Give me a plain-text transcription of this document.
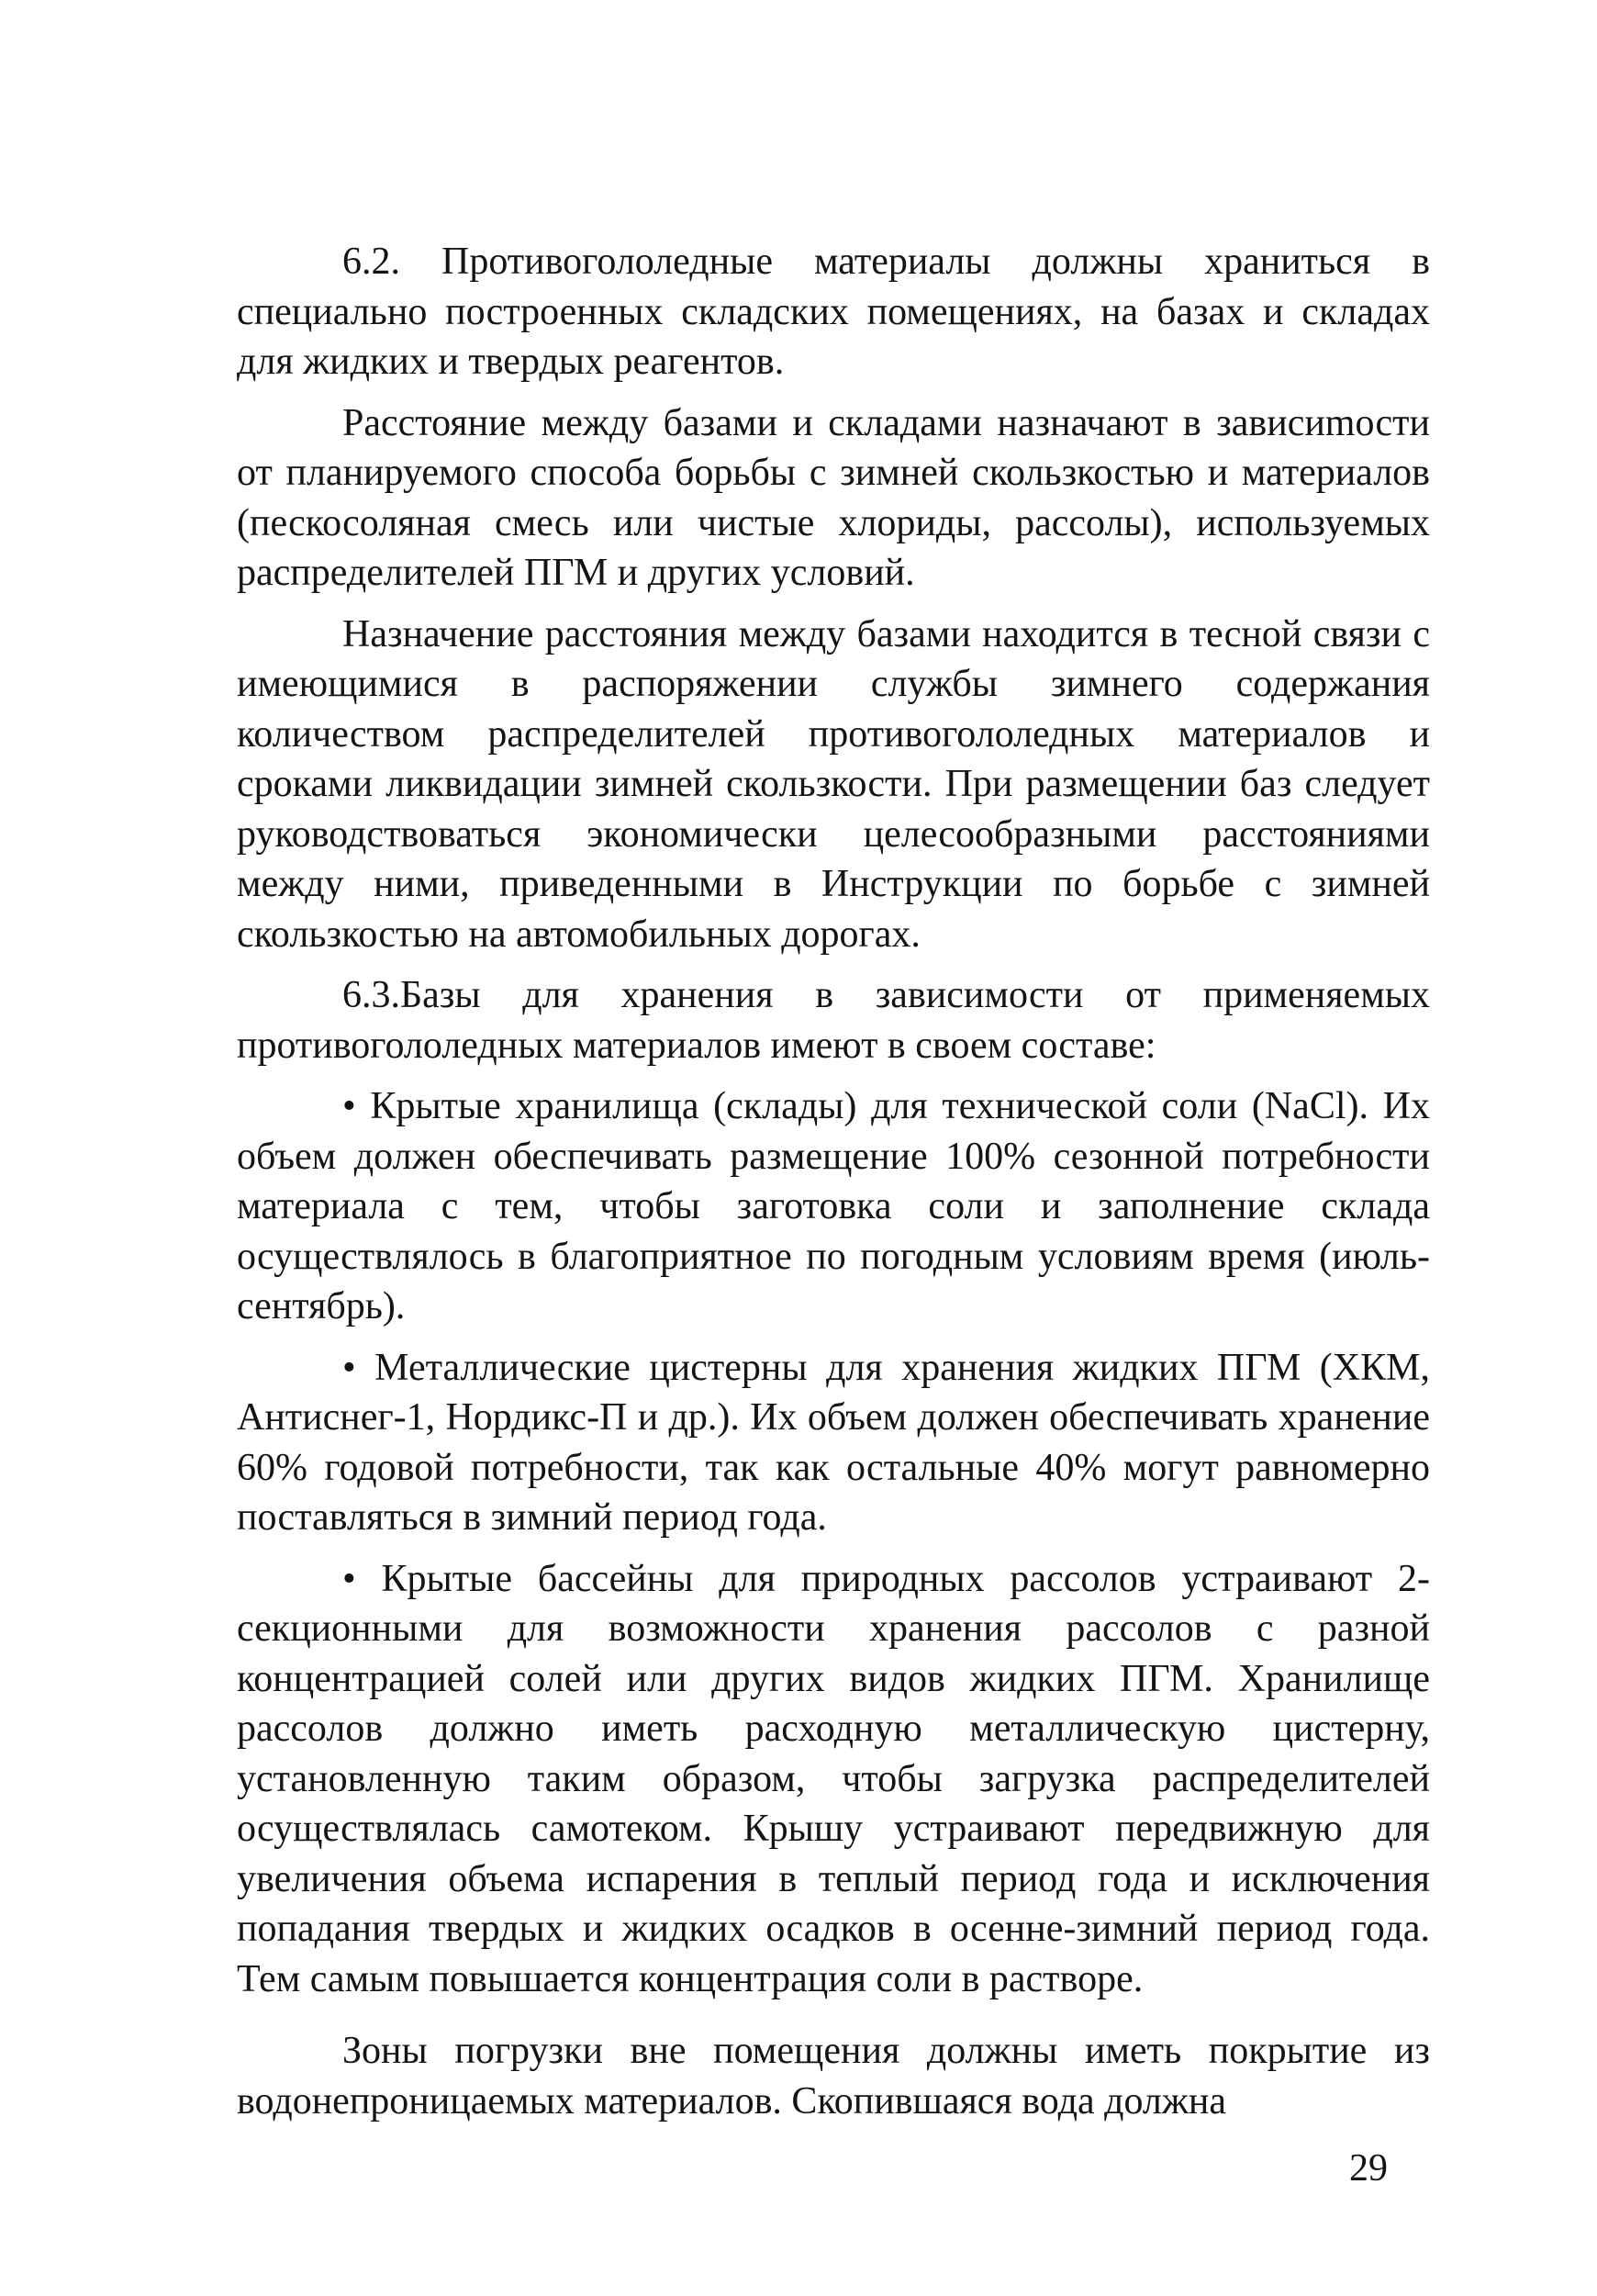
6.2. Противогололедные материалы должны храниться в специально построенных складских помещениях, на базах и складах для жидких и твердых реагентов.

Расстояние между базами и складами назначают в зависиmости от планируемого способа борьбы с зимней скользкостью и материалов (пескосоляная смесь или чистые хлориды, рассолы), используемых распределителей ПГМ и других условий.

Назначение расстояния между базами находится в тесной связи с имеющимися в распоряжении службы зимнего содержания количеством распределителей противогололедных материалов и сроками ликвидации зимней скользкости. При размещении баз следует руководствоваться экономически целесообразными расстояниями между ними, приведенными в Инструкции по борьбе с зимней скользкостью на автомобильных дорогах.

6.3.Базы для хранения в зависимости от применяемых противогололедных материалов имеют в своем составе:

• Крытые хранилища (склады) для технической соли (NaCl). Их объем должен обеспечивать размещение 100% сезонной потребности материала с тем, чтобы заготовка соли и заполнение склада осуществлялось в благоприятное по погодным условиям время (июль-сентябрь).

• Металлические цистерны для хранения жидких ПГМ (ХКМ, Антиснег-1, Нордикс-П и др.). Их объем должен обеспечивать хранение 60% годовой потребности, так как остальные 40% могут равномерно поставляться в зимний период года.

• Крытые бассейны для природных рассолов устраивают 2-секционными для возможности хранения рассолов с разной концентрацией солей или других видов жидких ПГМ. Хранилище рассолов должно иметь расходную металлическую цистерну, установленную таким образом, чтобы загрузка распределителей осуществлялась самотеком. Крышу устраивают передвижную для увеличения объема испарения в теплый период года и исключения попадания твердых и жидких осадков в осенне-зимний период года. Тем самым повышается концентрация соли в растворе.

Зоны погрузки вне помещения должны иметь покрытие из водонепроницаемых материалов. Скопившаяся вода должна

29
